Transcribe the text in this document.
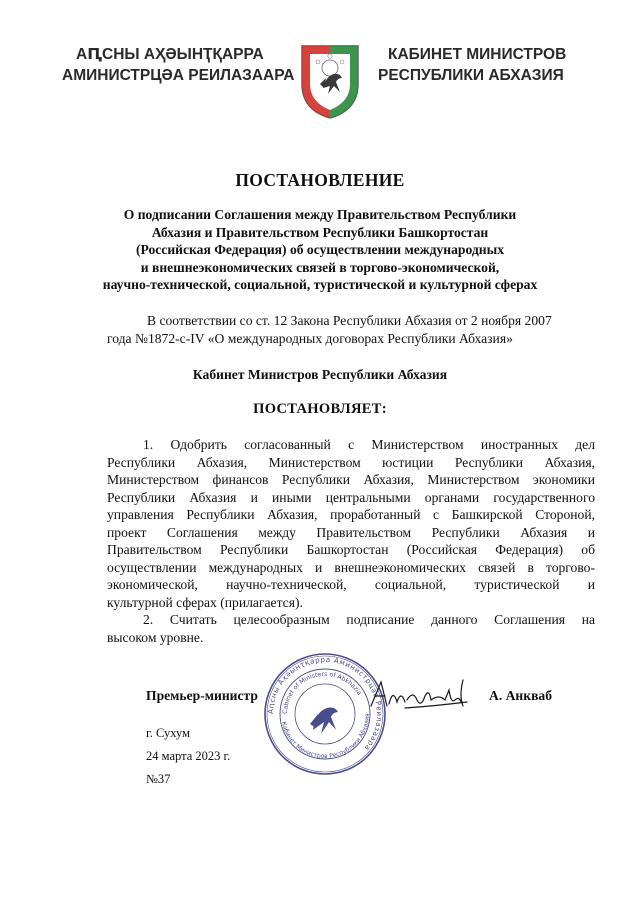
АԤСНЫ АҲӘЫНҬҚАРРА
АМИНИСТРЦӘА РЕИЛАЗААРА
КАБИНЕТ МИНИСТРОВ
РЕСПУБЛИКИ АБХАЗИЯ
ПОСТАНОВЛЕНИЕ
О подписании Соглашения между Правительством Республики
Абхазия и Правительством Республики Башкортостан
(Российская Федерация) об осуществлении международных
и внешнеэкономических связей в торгово-экономической,
научно-технической, социальной, туристической и культурной сферах
В соответствии со ст. 12 Закона Республики Абхазия от 2 ноября 2007
года №1872-с-IV «О международных договорах Республики Абхазия»
Кабинет Министров Республики Абхазия
ПОСТАНОВЛЯЕТ:
1. Одобрить согласованный с Министерством иностранных дел
Республики Абхазия, Министерством юстиции Республики Абхазия,
Министерством финансов Республики Абхазия, Министерством экономики
Республики Абхазия и иными центральными органами государственного
управления Республики Абхазия, проработанный с Башкирской Стороной,
проект Соглашения между Правительством Республики Абхазия и
Правительством Республики Башкортостан (Российская Федерация) об
осуществлении международных и внешнеэкономических связей в торгово-
экономической, научно-технической, социальной, туристической и
культурной сферах (прилагается).
2. Считать целесообразным подписание данного Соглашения на
высоком уровне.
Аԥсны Аҳәынҭқарра Аминистрцәа Реилазаара
Cabinet of Ministers of Abkhazia
Кабинет Министров Республики Абхазия
Премьер-министр	А. Анкваб
г. Сухум
24 марта 2023 г.
№37
